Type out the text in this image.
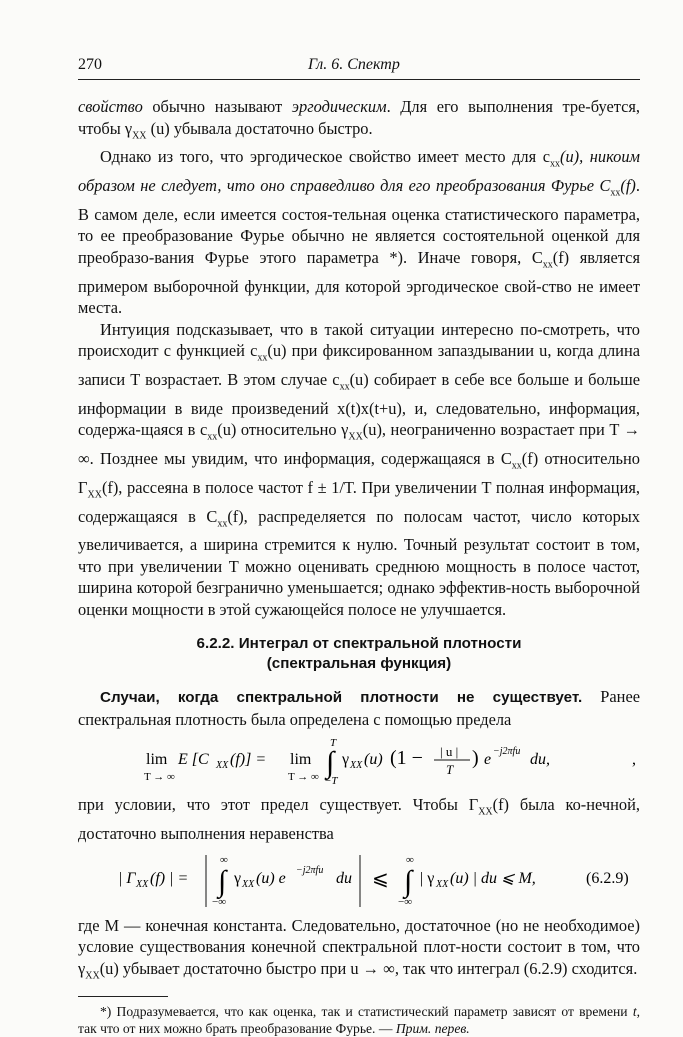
270	Гл. 6. Спектр

свойство обычно называют эргодическим. Для его выполнения тре-буется, чтобы $\gamma_{XX}$ (u) убывала достаточно быстро.

Однако из того, что эргодическое свойство имеет место для $c_{xx}(u)$, никоим образом не следует, что оно справедливо для его преобразования Фурье $C_{xx}(f)$. В самом деле, если имеется состоя-тельная оценка статистического параметра, то ее преобразование Фурье обычно не является состоятельной оценкой для преобразо-вания Фурье этого параметра *). Иначе говоря, $C_{xx}(f)$ является примером выборочной функции, для которой эргодическое свой-ство не имеет места.

Интуиция подсказывает, что в такой ситуации интересно по-смотреть, что происходит с функцией $c_{xx}(u)$ при фиксированном запаздывании u, когда длина записи T возрастает. В этом случае $c_{xx}(u)$ собирает в себе все больше и больше информации в виде произведений x(t)x(t+u), и, следовательно, информация, содержа-щаяся в $c_{xx}(u)$ относительно $\gamma_{XX}(u)$, неограниченно возрастает при T → ∞. Позднее мы увидим, что информация, содержащаяся в $C_{xx}(f)$ относительно $\Gamma_{XX}(f)$, рассеяна в полосе частот f ± 1/T. При увеличении T полная информация, содержащаяся в $C_{xx}(f)$, распределяется по полосам частот, число которых увеличивается, а ширина стремится к нулю. Точный результат состоит в том, что при увеличении T можно оценивать среднюю мощность в полосе частот, ширина которой безгранично уменьшается; однако эффектив-ность выборочной оценки мощности в этой сужающейся полосе не улучшается.

6.2.2. Интеграл от спектральной плотности
(спектральная функция)

Случаи, когда спектральной плотности не существует. Ранее спектральная плотность была определена с помощью предела

lim
T → ∞
E [C XX (f)] = lim
T → ∞
T
∫
−T
γ XX (u) (1 − | u |
T
) e −j2πfu du,	,

при условии, что этот предел существует. Чтобы $\Gamma_{XX}(f)$ была ко-нечной, достаточно выполнения неравенства

| Γ XX (f) | =
∞
∫
−∞
γ XX (u) e −j2πfu du ⩽
∞
∫
−∞
| γ XX (u) | du ⩽ M,	(6.2.9)

где M — конечная константа. Следовательно, достаточное (но не необходимое) условие существования конечной спектральной плот-ности состоит в том, что $\gamma_{XX}(u)$ убывает достаточно быстро при u → ∞, так что интеграл (6.2.9) сходится.

*) Подразумевается, что как оценка, так и статистический параметр зависят от времени t, так что от них можно брать преобразование Фурье. — Прим. перев.
